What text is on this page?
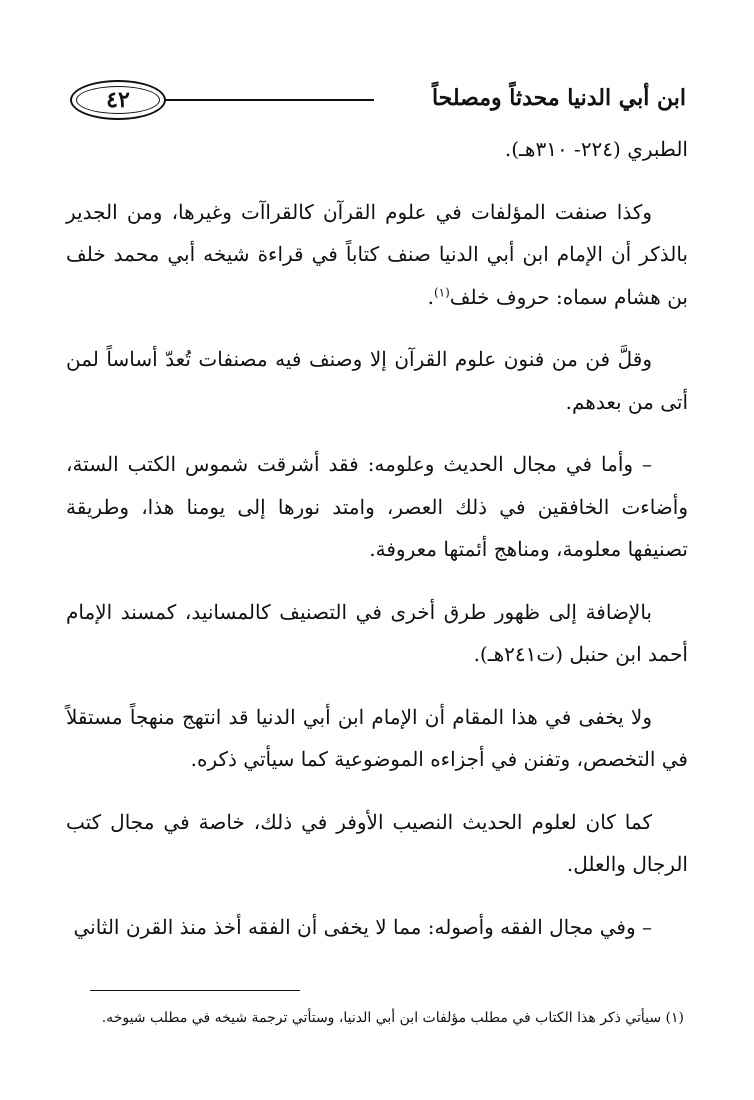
٤٢	ابن أبي الدنيا محدثاً ومصلحاً

الطبري (٢٢٤- ٣١٠هـ).

وكذا صنفت المؤلفات في علوم القرآن كالقراآت وغيرها، ومن الجدير بالذكر أن الإمام ابن أبي الدنيا صنف كتاباً في قراءة شيخه أبي محمد خلف بن هشام سماه: حروف خلف$^{(١)}$.

وقلَّ فن من فنون علوم القرآن إلا وصنف فيه مصنفات تُعدّ أساساً لمن أتى من بعدهم.

– وأما في مجال الحديث وعلومه: فقد أشرقت شموس الكتب الستة، وأضاءت الخافقين في ذلك العصر، وامتد نورها إلى يومنا هذا، وطريقة تصنيفها معلومة، ومناهج أئمتها معروفة.

بالإضافة إلى ظهور طرق أخرى في التصنيف كالمسانيد، كمسند الإمام أحمد ابن حنبل (ت٢٤١هـ).

ولا يخفى في هذا المقام أن الإمام ابن أبي الدنيا قد انتهج منهجاً مستقلاً في التخصص، وتفنن في أجزاءه الموضوعية كما سيأتي ذكره.

كما كان لعلوم الحديث النصيب الأوفر في ذلك، خاصة في مجال كتب الرجال والعلل.

– وفي مجال الفقه وأصوله: مما لا يخفى أن الفقه أخذ منذ القرن الثاني

(١) سيأتي ذكر هذا الكتاب في مطلب مؤلفات ابن أبي الدنيا، وستأتي ترجمة شيخه في مطلب شيوخه.
